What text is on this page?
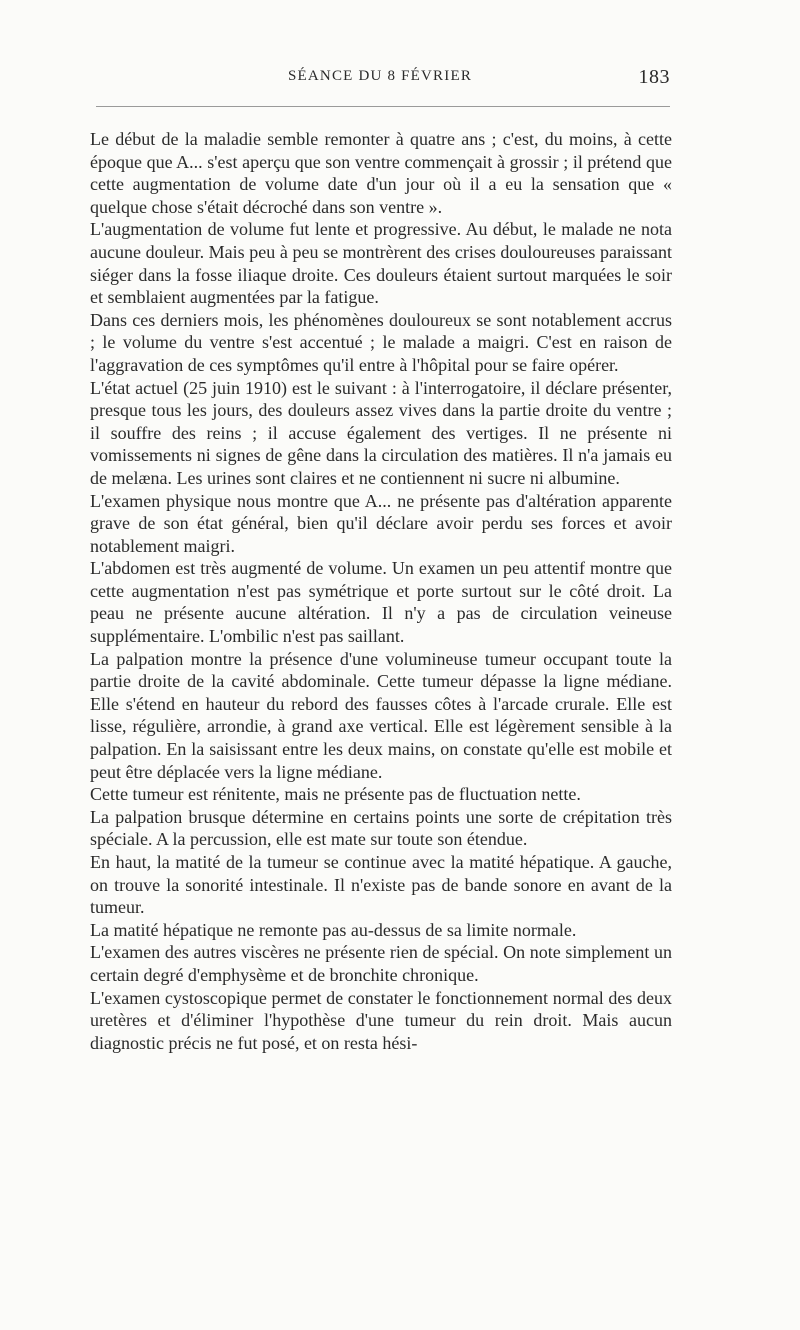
SÉANCE DU 8 FÉVRIER	183

Le début de la maladie semble remonter à quatre ans ; c'est, du moins, à cette époque que A... s'est aperçu que son ventre commençait à grossir ; il prétend que cette augmentation de volume date d'un jour où il a eu la sensation que « quelque chose s'était décroché dans son ventre ».

L'augmentation de volume fut lente et progressive. Au début, le malade ne nota aucune douleur. Mais peu à peu se montrèrent des crises douloureuses paraissant siéger dans la fosse iliaque droite. Ces douleurs étaient surtout marquées le soir et semblaient augmentées par la fatigue.

Dans ces derniers mois, les phénomènes douloureux se sont notablement accrus ; le volume du ventre s'est accentué ; le malade a maigri. C'est en raison de l'aggravation de ces symptômes qu'il entre à l'hôpital pour se faire opérer.

L'état actuel (25 juin 1910) est le suivant : à l'interrogatoire, il déclare présenter, presque tous les jours, des douleurs assez vives dans la partie droite du ventre ; il souffre des reins ; il accuse également des vertiges. Il ne présente ni vomissements ni signes de gêne dans la circulation des matières. Il n'a jamais eu de melæna. Les urines sont claires et ne contiennent ni sucre ni albumine.

L'examen physique nous montre que A... ne présente pas d'altération apparente grave de son état général, bien qu'il déclare avoir perdu ses forces et avoir notablement maigri.

L'abdomen est très augmenté de volume. Un examen un peu attentif montre que cette augmentation n'est pas symétrique et porte surtout sur le côté droit. La peau ne présente aucune altération. Il n'y a pas de circulation veineuse supplémentaire. L'ombilic n'est pas saillant.

La palpation montre la présence d'une volumineuse tumeur occupant toute la partie droite de la cavité abdominale. Cette tumeur dépasse la ligne médiane. Elle s'étend en hauteur du rebord des fausses côtes à l'arcade crurale. Elle est lisse, régulière, arrondie, à grand axe vertical. Elle est légèrement sensible à la palpation. En la saisissant entre les deux mains, on constate qu'elle est mobile et peut être déplacée vers la ligne médiane.

Cette tumeur est rénitente, mais ne présente pas de fluctuation nette.

La palpation brusque détermine en certains points une sorte de crépitation très spéciale. A la percussion, elle est mate sur toute son étendue.

En haut, la matité de la tumeur se continue avec la matité hépatique. A gauche, on trouve la sonorité intestinale. Il n'existe pas de bande sonore en avant de la tumeur.

La matité hépatique ne remonte pas au-dessus de sa limite normale.

L'examen des autres viscères ne présente rien de spécial. On note simplement un certain degré d'emphysème et de bronchite chronique.

L'examen cystoscopique permet de constater le fonctionnement normal des deux uretères et d'éliminer l'hypothèse d'une tumeur du rein droit. Mais aucun diagnostic précis ne fut posé, et on resta hési-
